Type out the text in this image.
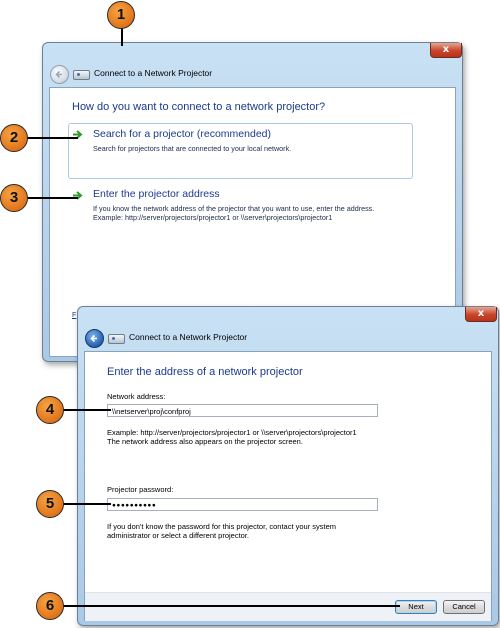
x
Connect to a Network Projector
How do you want to connect to a network projector?
Search for a projector (recommended)
Search for projectors that are connected to your local network.
Enter the projector address
If you know the network address of the projector that you want to use, enter the address.
Example: http://server/projectors/projector1 or \\server\projectors\projector1
F	x
Connect to a Network Projector
Enter the address of a network projector
Network address:
\\netserver\proj\confproj
Example: http://server/projectors/projector1 or \\server\projectors\projector1
The network address also appears on the projector screen.
Projector password:
●●●●●●●●●●
If you don't know the password for this projector, contact your system
administrator or select a different projector.
Next	Cancel
1
2
3
4
5
6
